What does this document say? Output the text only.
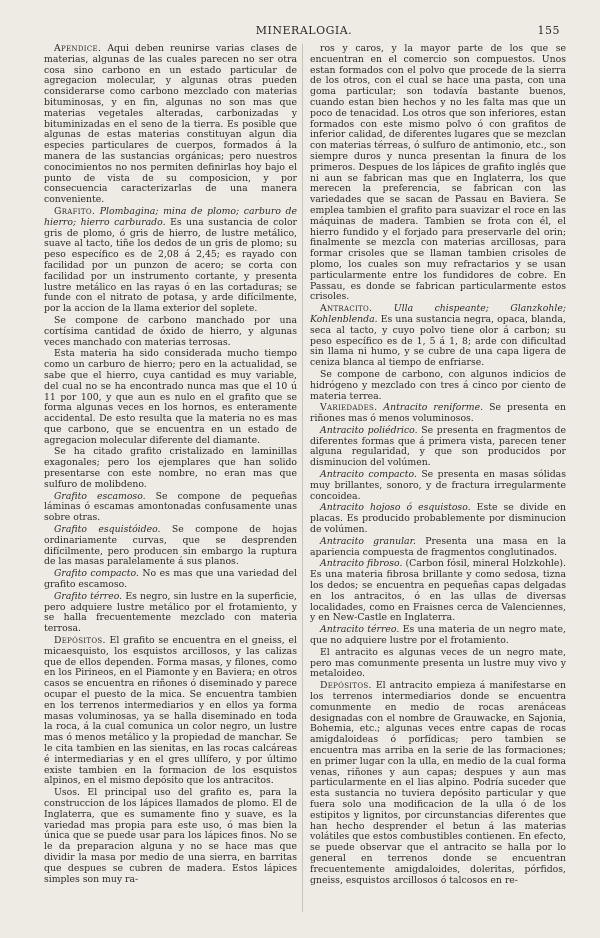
MINERALOGIA.	155

Apendice. Aqui deben reunirse varias clases de materias, algunas de las cuales parecen no ser otra cosa sino carbono en un estado particular de agregacion molecular, y algunas otras pueden considerarse como carbono mezclado con materias bituminosas, y en fin, algunas no son mas que materias vegetales alteradas, carbonizadas y bituminizadas en el seno de la tierra. Es posible que algunas de estas materias constituyan algun dia especies particulares de cuerpos, formados á la manera de las sustancias orgánicas; pero nuestros conocimientos no nos permiten definirlas hoy bajo el punto de vista de su composicion, y por consecuencia caracterizarlas de una manera conveniente.

Grafito. Plombagina; mina de plomo; carburo de hierro; hierro carburado. Es una sustancia de color gris de plomo, ó gris de hierro, de lustre metálico, suave al tacto, tiñe los dedos de un gris de plomo; su peso específico es de 2,08 á 2,45; es rayado con facilidad por un punzon de acero; se corta con facilidad por un instrumento cortante, y presenta lustre metálico en las rayas ó en las cortaduras; se funde con el nitrato de potasa, y arde difícilmente, por la accion de la llama exterior del soplete.

Se compone de carbono manchado por una cortísima cantidad de óxido de hierro, y algunas veces manchado con materias terrosas.

Esta materia ha sido considerada mucho tiempo como un carburo de hierro; pero en la actualidad, se sabe que el hierro, cuya cantidad es muy variable, del cual no se ha encontrado nunca mas que el 10 ú 11 por 100, y que aun es nulo en el grafito que se forma algunas veces en los hornos, es enteramente accidental. De esto resulta que la materia no es mas que carbono, que se encuentra en un estado de agregacion molecular diferente del diamante.

Se ha citado grafito cristalizado en laminillas exagonales; pero los ejemplares que han solido presentarse con este nombre, no eran mas que sulfuro de molibdeno.

Grafito escamoso. Se compone de pequeñas láminas ó escamas amontonadas confusamente unas sobre otras.

Grafito esquistóideo. Se compone de hojas ordinariamente curvas, que se desprenden difícilmente, pero producen sin embargo la ruptura de las masas paralelamente á sus planos.

Grafito compacto. No es mas que una variedad del grafito escamoso.

Grafito térreo. Es negro, sin lustre en la superficie, pero adquiere lustre metálico por el frotamiento, y se halla frecuentemente mezclado con materia terrosa.

Depósitos. El grafito se encuentra en el gneiss, el micaesquisto, los esquistos arcillosos, y las calizas que de ellos dependen. Forma masas, y filones, como en los Pirineos, en el Piamonte y en Baviera; en otros casos se encuentra en riñones ó diseminado y parece ocupar el puesto de la mica. Se encuentra tambien en los terrenos intermediarios y en ellos ya forma masas voluminosas, ya se halla diseminado en toda la roca, á la cual comunica un color negro, un lustre mas ó menos metálico y la propiedad de manchar. Se le cita tambien en las sienitas, en las rocas calcáreas é intermediarias y en el gres ullífero, y por último existe tambien en la formacion de los esquistos alpinos, en el mismo depósito que los antracitos.

Usos. El principal uso del grafito es, para la construccion de los lápices llamados de plomo. El de Inglaterra, que es sumamente fino y suave, es la variedad mas propia para este uso, ó mas bien la única que se puede usar para los lápices finos. No se le da preparacion alguna y no se hace mas que dividir la masa por medio de una sierra, en barritas que despues se cubren de madera. Estos lápices simples son muy ra-

ros y caros, y la mayor parte de los que se encuentran en el comercio son compuestos. Unos estan formados con el polvo que procede de la sierra de los otros, con el cual se hace una pasta, con una goma particular; son todavía bastante buenos, cuando estan bien hechos y no les falta mas que un poco de tenacidad. Los otros que son inferiores, estan formados con este mismo polvo ó con grafitos de inferior calidad, de diferentes lugares que se mezclan con materias térreas, ó sulfuro de antimonio, etc., son siempre duros y nunca presentan la finura de los primeros. Despues de los lápices de grafito inglés que ni aun se fabrican mas que en Inglaterra, los que merecen la preferencia, se fabrican con las variedades que se sacan de Passau en Baviera. Se emplea tambien el grafito para suavizar el roce en las máquinas de madera. Tambien se frota con él, el hierro fundido y el forjado para preservarle del orin; finalmente se mezcla con materias arcillosas, para formar crisoles que se llaman tambien crisoles de plomo, los cuales son muy refractarios y se usan particularmente entre los fundidores de cobre. En Passau, es donde se fabrican particularmente estos crisoles.

Antracito. Ulla chispeante; Glanzkohle; Kohlenblenda. Es una sustancia negra, opaca, blanda, seca al tacto, y cuyo polvo tiene olor á carbon; su peso específico es de 1, 5 á 1, 8; arde con dificultad sin llama ni humo, y se cubre de una capa ligera de ceniza blanca al tiempo de enfriarse.

Se compone de carbono, con algunos indicios de hidrógeno y mezclado con tres á cinco por ciento de materia terrea.

Variedades. Antracito reniforme. Se presenta en riñones mas ó menos voluminosos.

Antracito poliédrico. Se presenta en fragmentos de diferentes formas que á primera vista, parecen tener alguna regularidad, y que son producidos por disminucion del volúmen.

Antracito compacto. Se presenta en masas sólidas muy brillantes, sonoro, y de fractura irregularmente concoidea.

Antracito hojoso ó esquistoso. Este se divide en placas. Es producido probablemente por disminucion de volúmen.

Antracito granular. Presenta una masa en la apariencia compuesta de fragmentos conglutinados.

Antracito fibroso. (Carbon fósil, mineral Holzkohle). Es una materia fibrosa brillante y como sedosa, tizna los dedos; se encuentra en pequeñas capas delgadas en los antracitos, ó en las ullas de diversas localidades, como en Fraisnes cerca de Valenciennes, y en New-Castle en Inglaterra.

Antracito térreo. Es una materia de un negro mate, que no adquiere lustre por el frotamiento.

El antracito es algunas veces de un negro mate, pero mas comunmente presenta un lustre muy vivo y metaloideo.

Depósitos. El antracito empieza á manifestarse en los terrenos intermediarios donde se encuentra comunmente en medio de rocas arenáceas designadas con el nombre de Grauwacke, en Sajonia, Bohemia, etc.; algunas veces entre capas de rocas amigdaloideas ó porfídicas; pero tambien se encuentra mas arriba en la serie de las formaciones; en primer lugar con la ulla, en medio de la cual forma venas, riñones y aun capas; despues y aun mas particularmente en el lias alpino. Podría suceder que esta sustancia no tuviera depósito particular y que fuera solo una modificacion de la ulla ó de los estipitos y lignitos, por circunstancias diferentes que han hecho desprender el betun á las materias volátiles que estos combustibles contienen. En efecto, se puede observar que el antracito se halla por lo general en terrenos donde se encuentran frecuentemente amigdaloides, doleritas, pórfidos, gneiss, esquistos arcillosos ó talcosos en re-
